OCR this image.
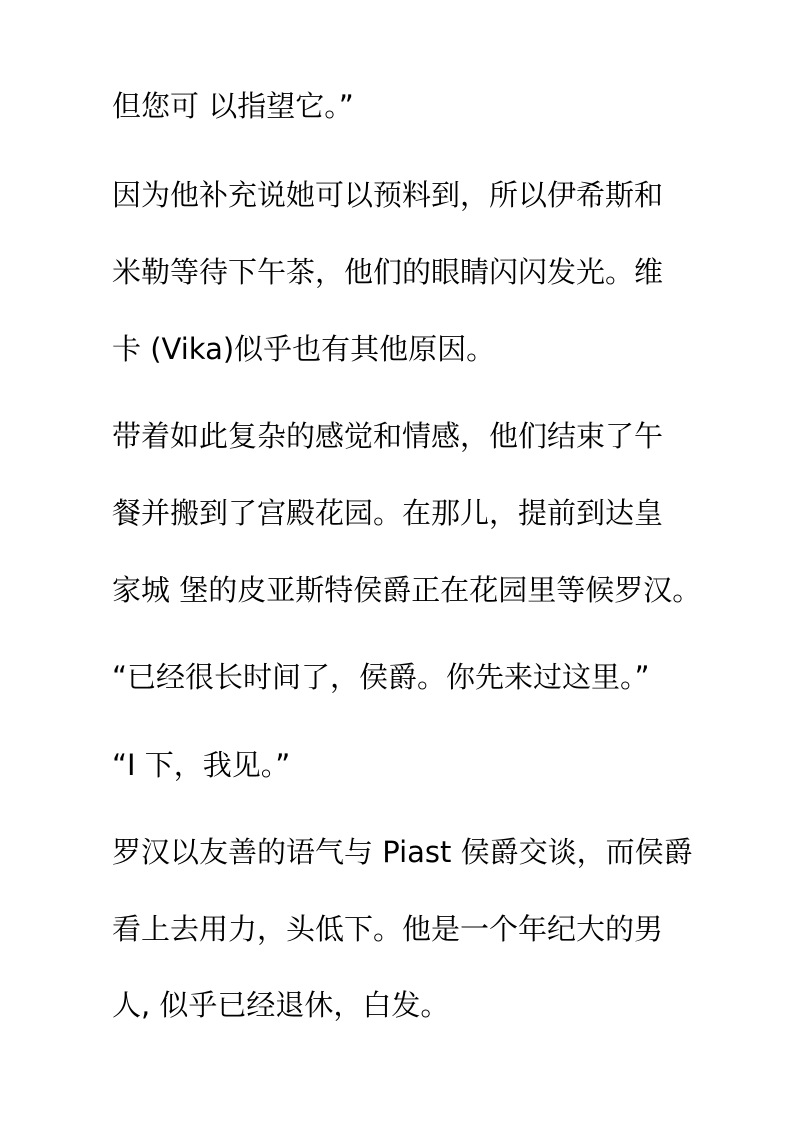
但您可 以指望它。”
因为他补充说她可以预料到，所以伊希斯和
米勒等待下午茶，他们的眼睛闪闪发光。维
卡 (Vika)似乎也有其他原因。
带着如此复杂的感觉和情感，他们结束了午
餐并搬到了宫殿花园。在那儿，提前到达皇
家城 堡的皮亚斯特侯爵正在花园里等候罗汉。
“已经很长时间了，侯爵。你先来过这里。”
“I 下，我见。”
罗汉以友善的语气与 Piast 侯爵交谈，而侯爵
看上去用力，头低下。他是一个年纪大的男
人, 似乎已经退休，白发。
